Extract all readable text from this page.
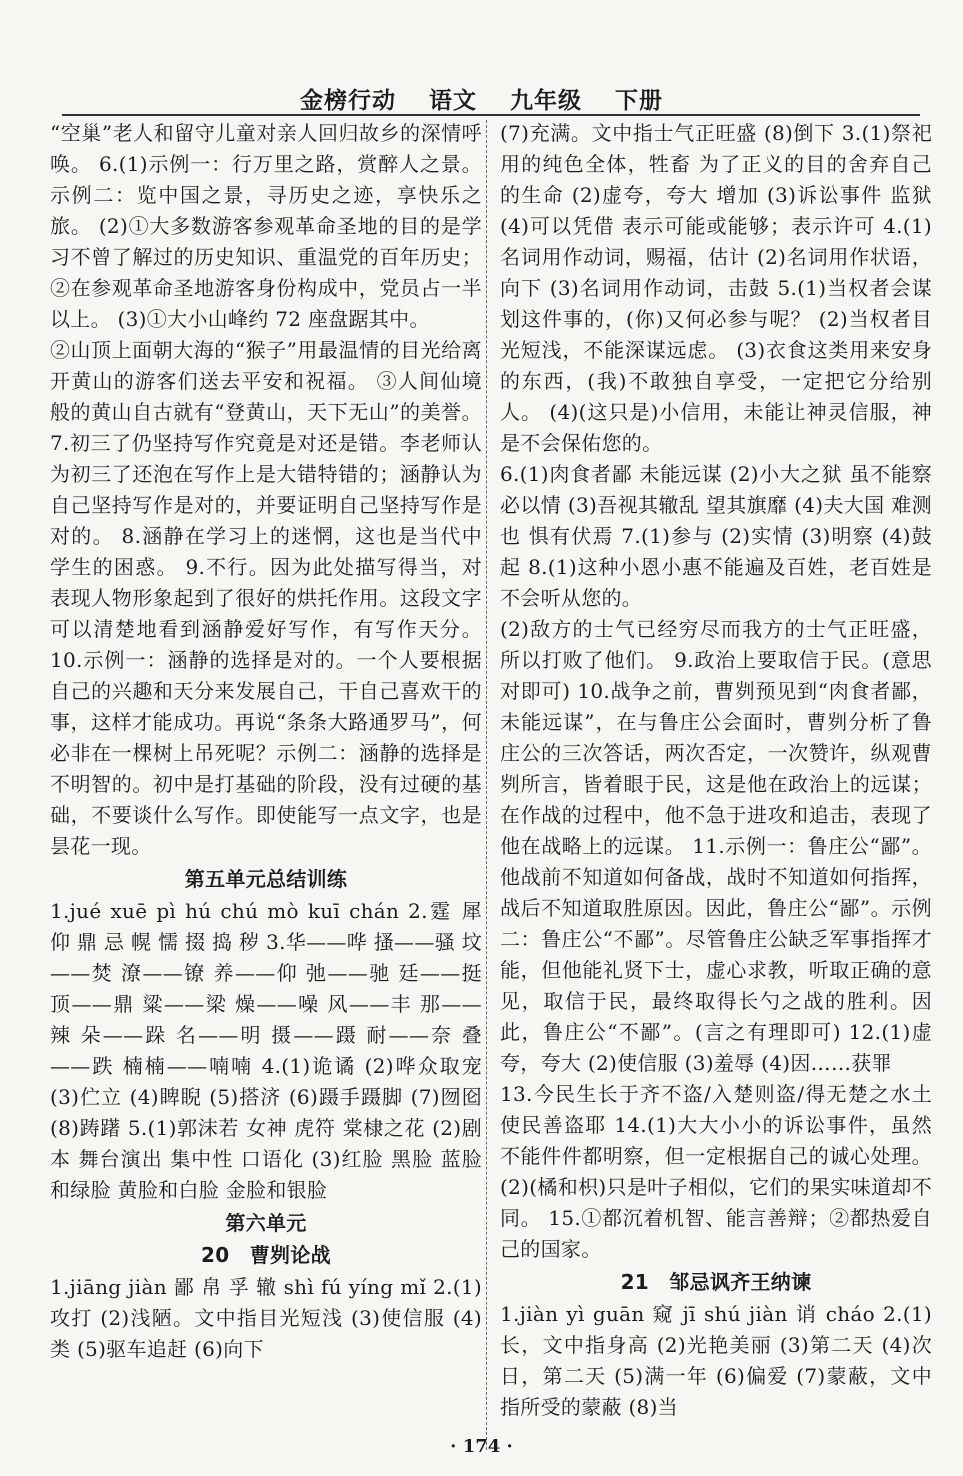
金榜行动 语文 九年级 下册

“空巢”老人和留守儿童对亲人回归故乡的深情呼唤。 6.(1)示例一：行万里之路，赏醉人之景。示例二：览中国之景，寻历史之迹，享快乐之旅。 (2)①大多数游客参观革命圣地的目的是学习不曾了解过的历史知识、重温党的百年历史；②在参观革命圣地游客身份构成中，党员占一半以上。 (3)①大小山峰约 72 座盘踞其中。

②山顶上面朝大海的“猴子”用最温情的目光给离开黄山的游客们送去平安和祝福。 ③人间仙境般的黄山自古就有“登黄山，天下无山”的美誉。 7.初三了仍坚持写作究竟是对还是错。李老师认为初三了还泡在写作上是大错特错的；涵静认为自己坚持写作是对的，并要证明自己坚持写作是对的。 8.涵静在学习上的迷惘，这也是当代中学生的困惑。 9.不行。因为此处描写得当，对表现人物形象起到了很好的烘托作用。这段文字可以清楚地看到涵静爱好写作，有写作天分。 10.示例一：涵静的选择是对的。一个人要根据自己的兴趣和天分来发展自己，干自己喜欢干的事，这样才能成功。再说“条条大路通罗马”，何必非在一棵树上吊死呢？示例二：涵静的选择是不明智的。初中是打基础的阶段，没有过硬的基础，不要谈什么写作。即使能写一点文字，也是昙花一现。

第五单元总结训练

1.jué xuē pì hú chú mò kuī chán 2.霆 犀 仰 鼎 忌 幌 懦 掇 捣 秽 3.华——哗 搔——骚 坟——焚 潦——镣 养——仰 弛——驰 廷——挺 顶——鼎 粱——梁 燥——噪 风——丰 那——辣 朵——跺 名——明 摄——蹑 耐——奈 叠——跌 楠楠——喃喃 4.(1)诡谲 (2)哗众取宠 (3)伫立 (4)睥睨 (5)搭济 (6)蹑手蹑脚 (7)囫囵 (8)踌躇 5.(1)郭沫若 女神 虎符 棠棣之花 (2)剧本 舞台演出 集中性 口语化 (3)红脸 黑脸 蓝脸和绿脸 黄脸和白脸 金脸和银脸

第六单元
20　曹刿论战

1.jiāng jiàn 鄙 帛 孚 辙 shì fú yíng mǐ 2.(1)攻打 (2)浅陋。文中指目光短浅 (3)使信服 (4)类 (5)驱车追赶 (6)向下

(7)充满。文中指士气正旺盛 (8)倒下 3.(1)祭祀用的纯色全体，牲畜 为了正义的目的舍弃自己的生命 (2)虚夸，夸大 增加 (3)诉讼事件 监狱 (4)可以凭借 表示可能或能够；表示许可 4.(1)名词用作动词，赐福，估计 (2)名词用作状语，向下 (3)名词用作动词，击鼓 5.(1)当权者会谋划这件事的，(你)又何必参与呢？ (2)当权者目光短浅，不能深谋远虑。 (3)衣食这类用来安身的东西，(我)不敢独自享受，一定把它分给别人。 (4)(这只是)小信用，未能让神灵信服，神是不会保佑您的。

6.(1)肉食者鄙 未能远谋 (2)小大之狱 虽不能察 必以情 (3)吾视其辙乱 望其旗靡 (4)夫大国 难测也 惧有伏焉 7.(1)参与 (2)实情 (3)明察 (4)鼓起 8.(1)这种小恩小惠不能遍及百姓，老百姓是不会听从您的。

(2)敌方的士气已经穷尽而我方的士气正旺盛，所以打败了他们。 9.政治上要取信于民。(意思对即可) 10.战争之前，曹刿预见到“肉食者鄙，未能远谋”，在与鲁庄公会面时，曹刿分析了鲁庄公的三次答话，两次否定，一次赞许，纵观曹刿所言，皆着眼于民，这是他在政治上的远谋；在作战的过程中，他不急于进攻和追击，表现了他在战略上的远谋。 11.示例一：鲁庄公“鄙”。他战前不知道如何备战，战时不知道如何指挥，战后不知道取胜原因。因此，鲁庄公“鄙”。示例二：鲁庄公“不鄙”。尽管鲁庄公缺乏军事指挥才能，但他能礼贤下士，虚心求教，听取正确的意见，取信于民，最终取得长勺之战的胜利。因此，鲁庄公“不鄙”。(言之有理即可) 12.(1)虚夸，夸大 (2)使信服 (3)羞辱 (4)因……获罪

13.今民生长于齐不盗/入楚则盗/得无楚之水土使民善盗耶 14.(1)大大小小的诉讼事件，虽然不能件件都明察，但一定根据自己的诚心处理。 (2)(橘和枳)只是叶子相似，它们的果实味道却不同。 15.①都沉着机智、能言善辩；②都热爱自己的国家。

21　邹忌讽齐王纳谏

1.jiàn yì guān 窥 jī shú jiàn 诮 cháo 2.(1)长，文中指身高 (2)光艳美丽 (3)第二天 (4)次日，第二天 (5)满一年 (6)偏爱 (7)蒙蔽，文中指所受的蒙蔽 (8)当

· 174 ·
